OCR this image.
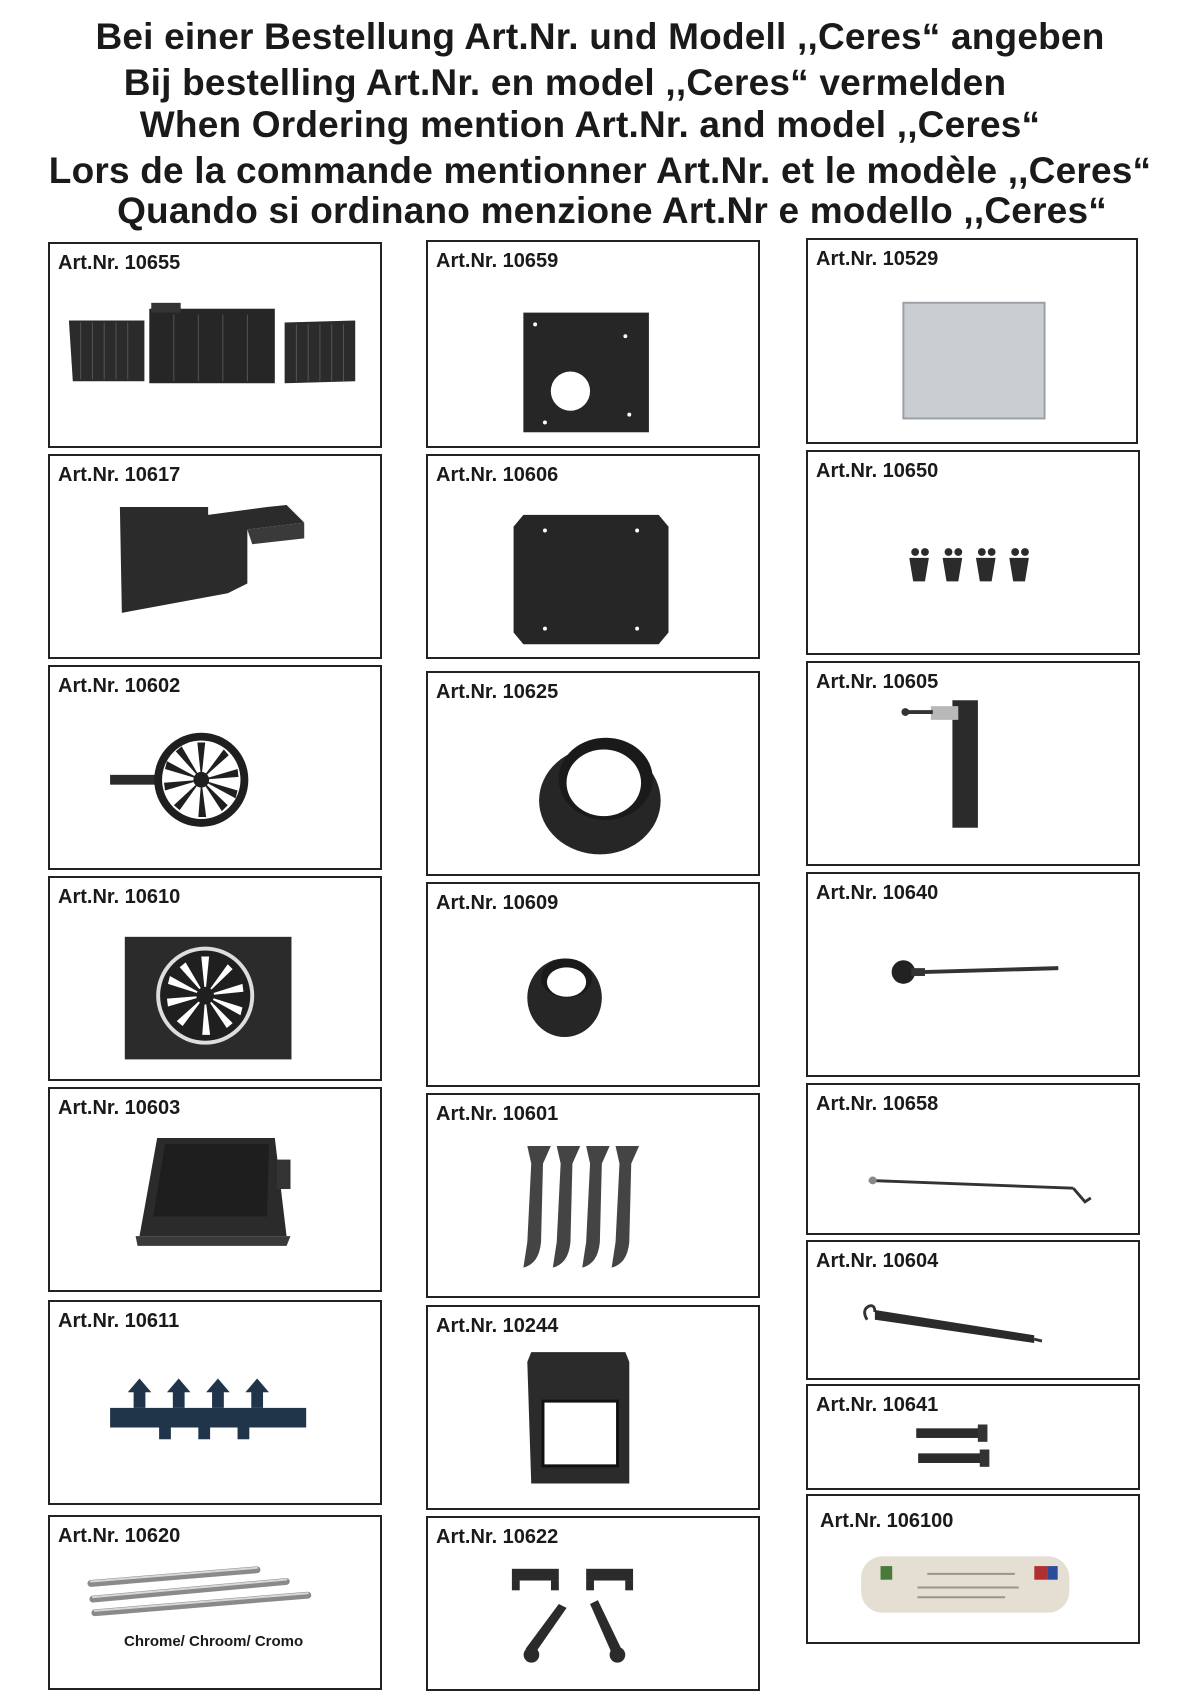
Bei einer Bestellung Art.Nr. und Modell ,,Ceres“ angeben
Bij bestelling Art.Nr. en model ,,Ceres“ vermelden
When Ordering mention Art.Nr. and model ,,Ceres“
Lors de la commande mentionner Art.Nr. et le modèle ,,Ceres“
Quando si ordinano menzione Art.Nr e modello ,,Ceres“
Art.Nr. 10655
Art.Nr. 10617
Art.Nr. 10602
Art.Nr. 10610
Art.Nr. 10603
Art.Nr. 10611
Art.Nr. 10620
Chrome/ Chroom/ Cromo
Art.Nr. 10659
Art.Nr. 10606
Art.Nr. 10625
Art.Nr. 10609
Art.Nr. 10601
Art.Nr. 10244
Art.Nr. 10622
Art.Nr. 10529
Art.Nr. 10650
Art.Nr. 10605
Art.Nr. 10640
Art.Nr. 10658
Art.Nr. 10604
Art.Nr. 10641
Art.Nr. 106100
